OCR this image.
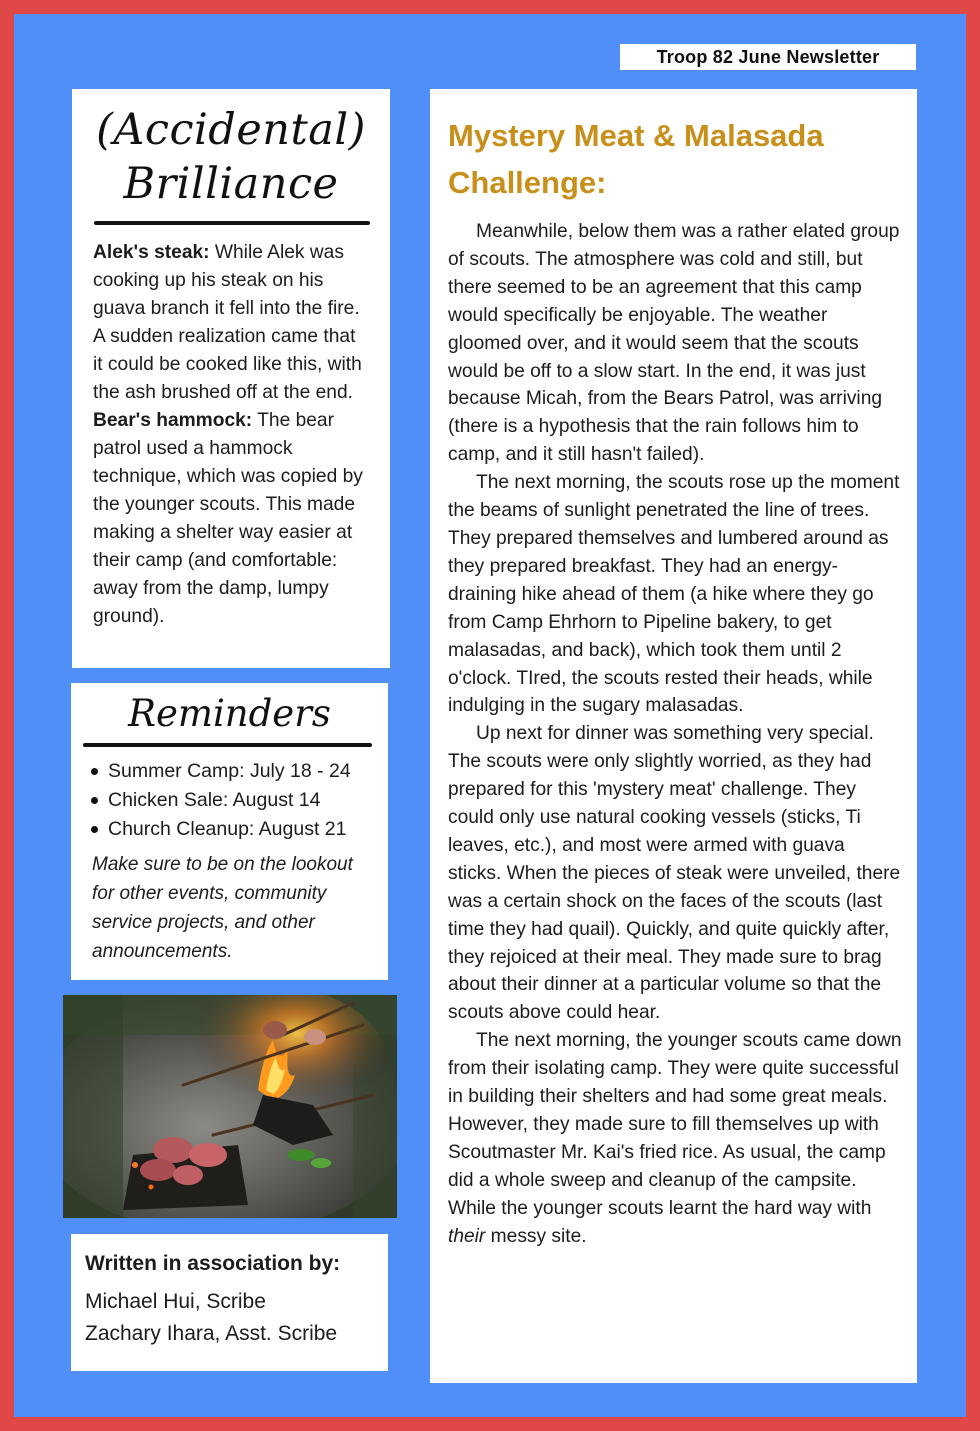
Troop 82 June Newsletter
(Accidental)
Brilliance

Alek's steak: While Alek was cooking up his steak on his guava branch it fell into the fire. A sudden realization came that it could be cooked like this, with the ash brushed off at the end.

Bear's hammock: The bear patrol used a hammock technique, which was copied by the younger scouts. This made making a shelter way easier at their camp (and comfortable: away from the damp, lumpy ground).

Reminders
Summer Camp: July 18 - 24
Chicken Sale: August 14
Church Cleanup: August 21
Make sure to be on the lookout for other events, community service projects, and other announcements.
Written in association by:
Michael Hui, Scribe
Zachary Ihara, Asst. Scribe
Mystery Meat & Malasada Challenge:

Meanwhile, below them was a rather elated group of scouts. The atmosphere was cold and still, but there seemed to be an agreement that this camp would specifically be enjoyable. The weather gloomed over, and it would seem that the scouts would be off to a slow start. In the end, it was just because Micah, from the Bears Patrol, was arriving (there is a hypothesis that the rain follows him to camp, and it still hasn't failed).

The next morning, the scouts rose up the moment the beams of sunlight penetrated the line of trees. They prepared themselves and lumbered around as they prepared breakfast. They had an energy-draining hike ahead of them (a hike where they go from Camp Ehrhorn to Pipeline bakery, to get malasadas, and back), which took them until 2 o'clock. TIred, the scouts rested their heads, while indulging in the sugary malasadas.

Up next for dinner was something very special. The scouts were only slightly worried, as they had prepared for this 'mystery meat' challenge. They could only use natural cooking vessels (sticks, Ti leaves, etc.), and most were armed with guava sticks. When the pieces of steak were unveiled, there was a certain shock on the faces of the scouts (last time they had quail). Quickly, and quite quickly after, they rejoiced at their meal. They made sure to brag about their dinner at a particular volume so that the scouts above could hear.

The next morning, the younger scouts came down from their isolating camp. They were quite successful in building their shelters and had some great meals. However, they made sure to fill themselves up with Scoutmaster Mr. Kai's fried rice. As usual, the camp did a whole sweep and cleanup of the campsite. While the younger scouts learnt the hard way with their messy site.
